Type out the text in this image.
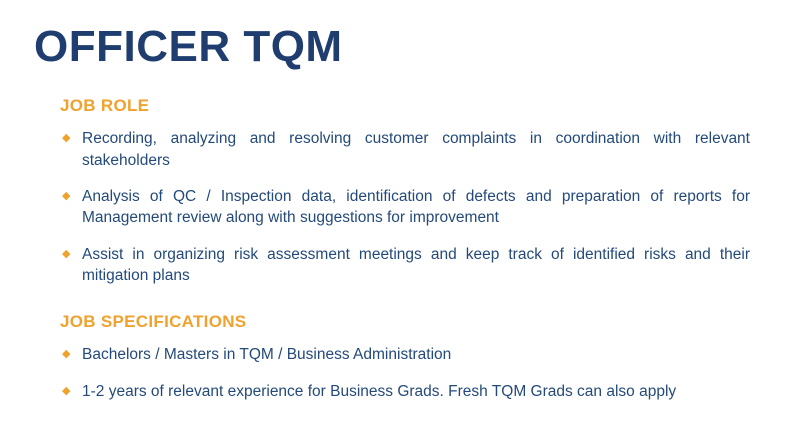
OFFICER TQM
JOB ROLE
◆ Recording, analyzing and resolving customer complaints in coordination with relevant stakeholders
◆ Analysis of QC / Inspection data, identification of defects and preparation of reports for Management review along with suggestions for improvement
◆ Assist in organizing risk assessment meetings and keep track of identified risks and their mitigation plans
JOB SPECIFICATIONS
◆ Bachelors / Masters in TQM / Business Administration
◆ 1-2 years of relevant experience for Business Grads. Fresh TQM Grads can also apply
